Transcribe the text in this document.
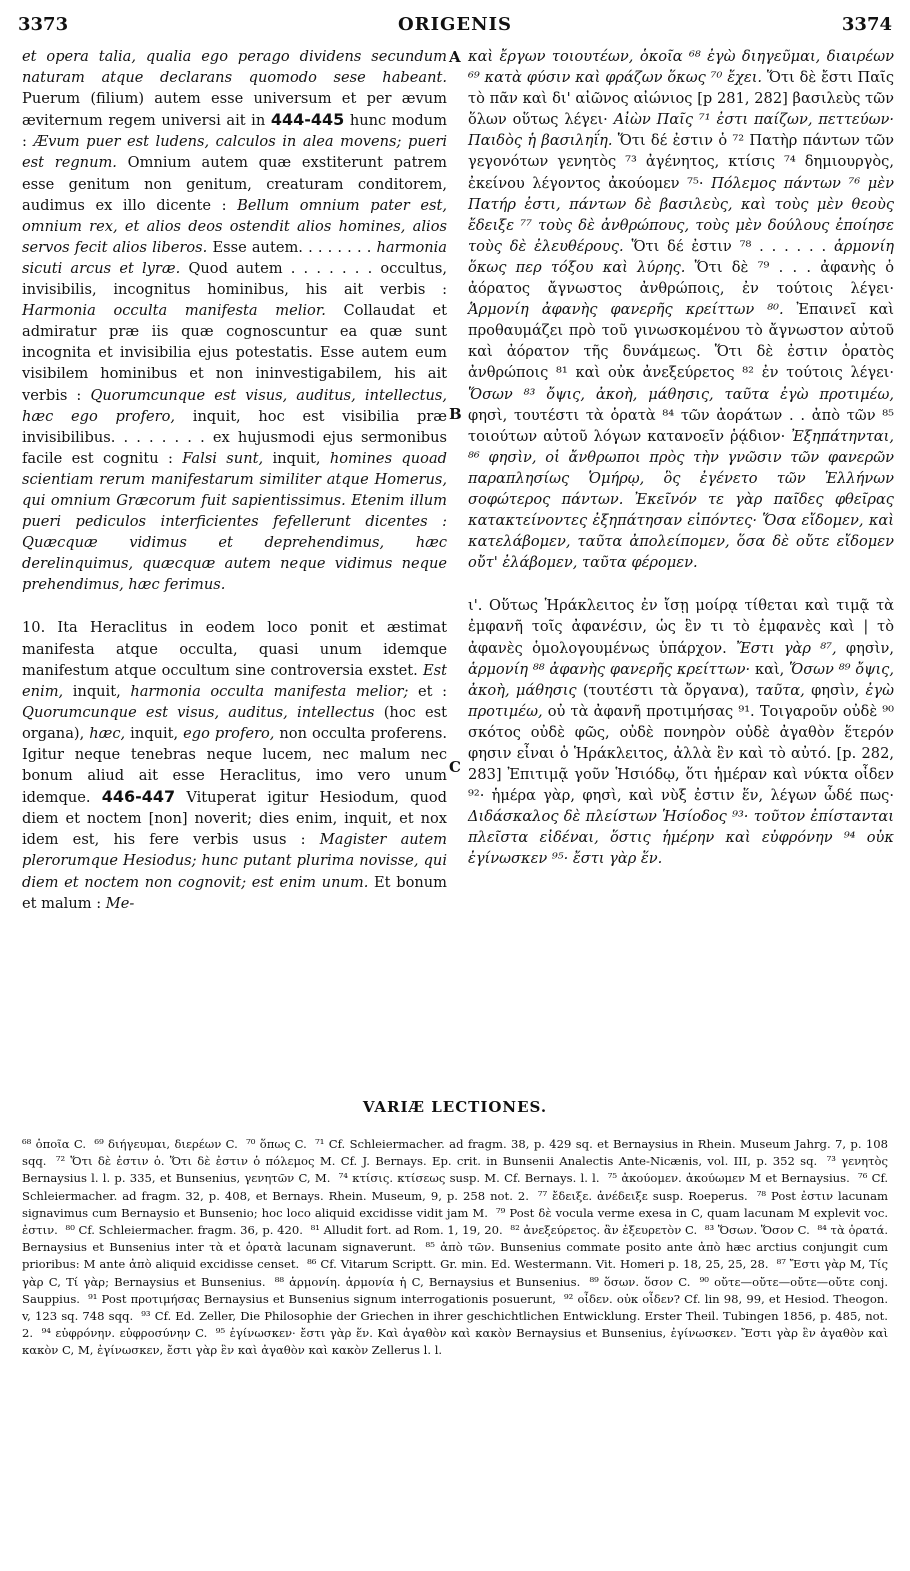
3373	ORIGENIS	3374

et opera talia, qualia ego perago dividens secundum naturam atque declarans quomodo sese habeant. Puerum (filium) autem esse universum et per ævum æviternum regem universi ait in 444-445 hunc modum : Ævum puer est ludens, calculos in alea movens; pueri est regnum. Omnium autem quæ exstiterunt patrem esse genitum non genitum, creaturam conditorem, audimus ex illo dicente : Bellum omnium pater est, omnium rex, et alios deos ostendit alios homines, alios servos fecit alios liberos. Esse autem. . . . . . . . harmonia sicuti arcus et lyræ. Quod autem . . . . . . . occultus, invisibilis, incognitus hominibus, his ait verbis : Harmonia occulta manifesta melior. Collaudat et admiratur præ iis quæ cognoscuntur ea quæ sunt incognita et invisibilia ejus potestatis. Esse autem eum visibilem hominibus et non ininvestigabilem, his ait verbis : Quorumcunque est visus, auditus, intellectus, hæc ego profero, inquit, hoc est visibilia præ invisibilibus. . . . . . . . ex hujusmodi ejus sermonibus facile est cognitu : Falsi sunt, inquit, homines quoad scientiam rerum manifestarum similiter atque Homerus, qui omnium Græcorum fuit sapientissimus. Etenim illum pueri pediculos interficientes fefellerunt dicentes : Quæcquæ vidimus et deprehendimus, hæc derelinquimus, quæcquæ autem neque vidimus neque prehendimus, hæc ferimus.

10. Ita Heraclitus in eodem loco ponit et æstimat manifesta atque occulta, quasi unum idemque manifestum atque occultum sine controversia exstet. Est enim, inquit, harmonia occulta manifesta melior; et : Quorumcunque est visus, auditus, intellectus (hoc est organa), hæc, inquit, ego profero, non occulta proferens. Igitur neque tenebras neque lucem, nec malum nec bonum aliud ait esse Heraclitus, imo vero unum idemque. 446-447 Vituperat igitur Hesiodum, quod diem et noctem [non] noverit; dies enim, inquit, et nox idem est, his fere verbis usus : Magister autem plerorumque Hesiodus; hunc putant plurima novisse, qui diem et noctem non cognovit; est enim unum. Et bonum et malum : Me-

A
B
C

καὶ ἔργων τοιουτέων, ὁκοῖα ⁶⁸ ἐγὼ διηγεῦμαι, διαιρέων ⁶⁹ κατὰ φύσιν καὶ φράζων ὅκως ⁷⁰ ἔχει. Ὅτι δὲ ἔστι Παῖς τὸ πᾶν καὶ δι' αἰῶνος αἰώνιος [p 281, 282] βασιλεὺς τῶν ὅλων οὕτως λέγει· Αἰὼν Παῖς ⁷¹ ἐστι παίζων, πεττεύων· Παιδὸς ἡ βασιληΐη. Ὅτι δέ ἐστιν ὁ ⁷² Πατὴρ πάντων τῶν γεγονότων γενητὸς ⁷³ ἀγένητος, κτίσις ⁷⁴ δημιουργὸς, ἐκείνου λέγοντος ἀκούομεν ⁷⁵· Πόλεμος πάντων ⁷⁶ μὲν Πατήρ ἐστι, πάντων δὲ βασιλεὺς, καὶ τοὺς μὲν θεοὺς ἔδειξε ⁷⁷ τοὺς δὲ ἀνθρώπους, τοὺς μὲν δούλους ἐποίησε τοὺς δὲ ἐλευθέρους. Ὅτι δέ ἐστιν ⁷⁸ . . . . . . ἁρμονίη ὅκως περ τόξου καὶ λύρης. Ὅτι δὲ ⁷⁹ . . . ἀφανὴς ὁ ἀόρατος ἄγνωστος ἀνθρώποις, ἐν τούτοις λέγει· Ἁρμονίη ἀφανὴς φανερῆς κρείττων ⁸⁰. Ἐπαινεῖ καὶ προθαυμάζει πρὸ τοῦ γινωσκομένου τὸ ἄγνωστον αὐτοῦ καὶ ἀόρατον τῆς δυνάμεως. Ὅτι δὲ ἐστιν ὁρατὸς ἀνθρώποις ⁸¹ καὶ οὐκ ἀνεξεύρετος ⁸² ἐν τούτοις λέγει· Ὅσων ⁸³ ὄψις, ἀκοὴ, μάθησις, ταῦτα ἐγὼ προτιμέω, φησὶ, τουτέστι τὰ ὁρατὰ ⁸⁴ τῶν ἀοράτων . . ἀπὸ τῶν ⁸⁵ τοιούτων αὐτοῦ λόγων κατανοεῖν ῥᾴδιον· Ἐξηπάτηνται, ⁸⁶ φησὶν, οἱ ἄνθρωποι πρὸς τὴν γνῶσιν τῶν φανερῶν παραπλησίως Ὁμήρῳ, ὃς ἐγένετο τῶν Ἑλλήνων σοφώτερος πάντων. Ἐκεῖνόν τε γὰρ παῖδες φθεῖρας κατακτείνοντες ἐξηπάτησαν εἰπόντες· Ὅσα εἴδομεν, καὶ κατελάβομεν, ταῦτα ἀπολείπομεν, ὅσα δὲ οὔτε εἴδομεν οὔτ' ἐλάβομεν, ταῦτα φέρομεν.

ι'. Οὕτως Ἡράκλειτος ἐν ἴσῃ μοίρᾳ τίθεται καὶ τιμᾷ τὰ ἐμφανῆ τοῖς ἀφανέσιν, ὡς ἓν τι τὸ ἐμφανὲς καὶ | τὸ ἀφανὲς ὁμολογουμένως ὑπάρχον. Ἔστι γὰρ ⁸⁷, φησὶν, ἁρμονίη ⁸⁸ ἀφανὴς φανερῆς κρείττων· καὶ, Ὅσων ⁸⁹ ὄψις, ἀκοὴ, μάθησις (τουτέστι τὰ ὄργανα), ταῦτα, φησὶν, ἐγὼ προτιμέω, οὐ τὰ ἀφανῆ προτιμήσας ⁹¹. Τοιγαροῦν οὐδὲ ⁹⁰ σκότος οὐδὲ φῶς, οὐδὲ πονηρὸν οὐδὲ ἀγαθὸν ἕτερόν φησιν εἶναι ὁ Ἡράκλειτος, ἀλλὰ ἓν καὶ τὸ αὐτό. [p. 282, 283] Ἐπιτιμᾷ γοῦν Ἡσιόδῳ, ὅτι ἡμέραν καὶ νύκτα οἶδεν ⁹²· ἡμέρα γὰρ, φησὶ, καὶ νὺξ ἐστιν ἕν, λέγων ὧδέ πως· Διδάσκαλος δὲ πλείστων Ἡσίοδος ⁹³· τοῦτον ἐπίστανται πλεῖστα εἰδέναι, ὅστις ἡμέρην καὶ εὐφρόνην ⁹⁴ οὐκ ἐγίνωσκεν ⁹⁵· ἔστι γὰρ ἕν.

VARIÆ LECTIONES.
⁶⁸ ὁποῖα C. ⁶⁹ διήγευμαι, διερέων C. ⁷⁰ ὅπως C. ⁷¹ Cf. Schleiermacher. ad fragm. 38, p. 429 sq. et Bernaysius in Rhein. Museum Jahrg. 7, p. 108 sqq. ⁷² Ὅτι δὲ ἐστιν ὁ. Ὅτι δὲ ἐστιν ὁ πόλεμος M. Cf. J. Bernays. Ep. crit. in Bunsenii Analectis Ante-Nicænis, vol. III, p. 352 sq. ⁷³ γενητὸς Bernaysius l. l. p. 335, et Bunsenius, γενητῶν C, M. ⁷⁴ κτίσις. κτίσεως susp. M. Cf. Bernays. l. l. ⁷⁵ ἀκούομεν. ἀκούωμεν M et Bernaysius. ⁷⁶ Cf. Schleiermacher. ad fragm. 32, p. 408, et Bernays. Rhein. Museum, 9, p. 258 not. 2. ⁷⁷ ἔδειξε. ἀνέδειξε susp. Roeperus. ⁷⁸ Post ἐστιν lacunam signavimus cum Bernaysio et Bunsenio; hoc loco aliquid excidisse vidit jam M. ⁷⁹ Post δὲ vocula verme exesa in C, quam lacunam M explevit voc. ἐστιν. ⁸⁰ Cf. Schleiermacher. fragm. 36, p. 420. ⁸¹ Alludit fort. ad Rom. 1, 19, 20. ⁸² ἀνεξεύρετος. ἂν ἐξευρετὸν C. ⁸³ Ὅσων. Ὅσον C. ⁸⁴ τὰ ὁρατά. Bernaysius et Bunsenius inter τὰ et ὁρατὰ lacunam signaverunt. ⁸⁵ ἀπὸ τῶν. Bunsenius commate posito ante ἀπὸ hæc arctius conjungit cum prioribus: M ante ἀπὸ aliquid excidisse censet. ⁸⁶ Cf. Vitarum Scriptt. Gr. min. Ed. Westermann. Vit. Homeri p. 18, 25, 25, 28. ⁸⁷ Ἔστι γὰρ M, Τίς γὰρ C, Τί γὰρ; Bernaysius et Bunsenius. ⁸⁸ ἁρμονίη. ἁρμονία ἡ C, Bernaysius et Bunsenius. ⁸⁹ ὅσων. ὅσον C. ⁹⁰ οὔτε—οὔτε—οὔτε—οὔτε conj. Sauppius. ⁹¹ Post προτιμήσας Bernaysius et Bunsenius signum interrogationis posuerunt, ⁹² οἶδεν. οὐκ οἶδεν? Cf. lin 98, 99, et Hesiod. Theogon. v, 123 sq. 748 sqq. ⁹³ Cf. Ed. Zeller, Die Philosophie der Griechen in ihrer geschichtlichen Entwicklung. Erster Theil. Tubingen 1856, p. 485, not. 2. ⁹⁴ εὐφρόνην. εὐφροσύνην C. ⁹⁵ ἐγίνωσκεν· ἔστι γὰρ ἕν. Καὶ ἀγαθὸν καὶ κακὸν Bernaysius et Bunsenius, ἐγίνωσκεν. Ἔστι γὰρ ἓν ἀγαθὸν καὶ κακὸν C, M, ἐγίνωσκεν, ἔστι γὰρ ἓν καὶ ἀγαθὸν καὶ κακὸν Zellerus l. l.
